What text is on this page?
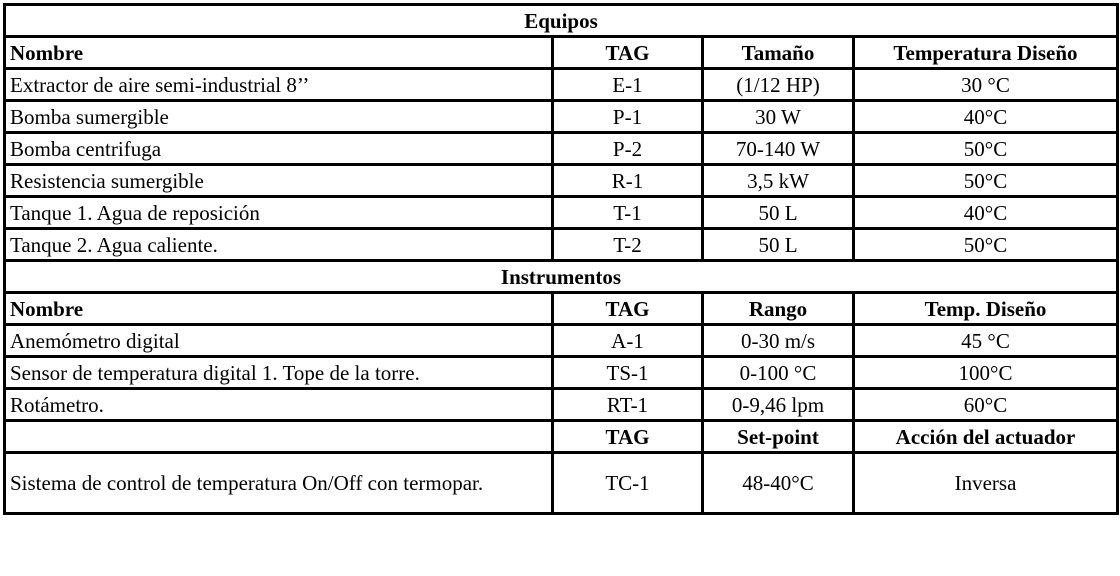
Equipos			
Nombre	TAG	Tamaño	Temperatura Diseño
Extractor de aire semi-industrial 8’’	E-1	(1/12 HP)	30 °C
Bomba sumergible	P-1	30 W	40°C
Bomba centrifuga	P-2	70-140 W	50°C
Resistencia sumergible	R-1	3,5 kW	50°C
Tanque 1. Agua de reposición	T-1	50 L	40°C
Tanque 2. Agua caliente.	T-2	50 L	50°C
Instrumentos			
Nombre	TAG	Rango	Temp. Diseño
Anemómetro digital	A-1	0-30 m/s	45 °C
Sensor de temperatura digital 1. Tope de la torre.	TS-1	0-100 °C	100°C
Rotámetro.	RT-1	0-9,46 lpm	60°C
	TAG	Set-point	Acción del actuador
Sistema de control de temperatura On/Off con termopar.	TC-1	48-40°C	Inversa
